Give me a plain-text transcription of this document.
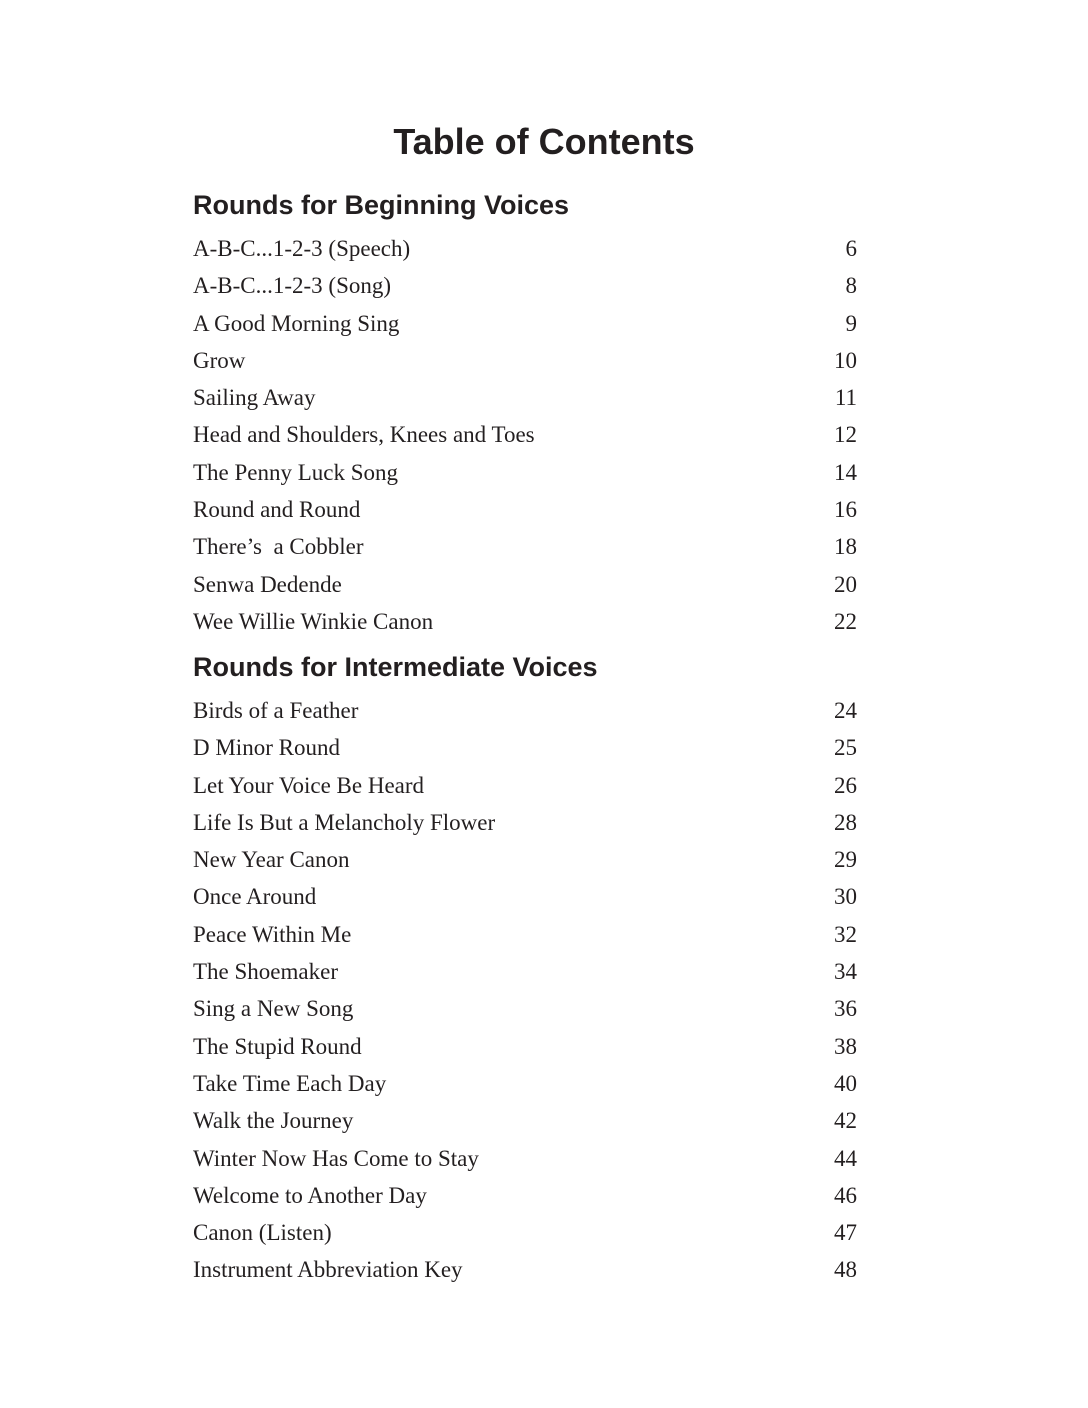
Table of Contents
Rounds for Beginning Voices
A-B-C...1-2-3 (Speech)	6
A-B-C...1-2-3 (Song)	8
A Good Morning Sing	9
Grow	10
Sailing Away	11
Head and Shoulders, Knees and Toes	12
The Penny Luck Song	14
Round and Round	16
There’s  a Cobbler	18
Senwa Dedende	20
Wee Willie Winkie Canon	22
Rounds for Intermediate Voices
Birds of a Feather	24
D Minor Round	25
Let Your Voice Be Heard	26
Life Is But a Melancholy Flower	28
New Year Canon	29
Once Around	30
Peace Within Me	32
The Shoemaker	34
Sing a New Song	36
The Stupid Round	38
Take Time Each Day	40
Walk the Journey	42
Winter Now Has Come to Stay	44
Welcome to Another Day	46
Canon (Listen)	47
Instrument Abbreviation Key	48
